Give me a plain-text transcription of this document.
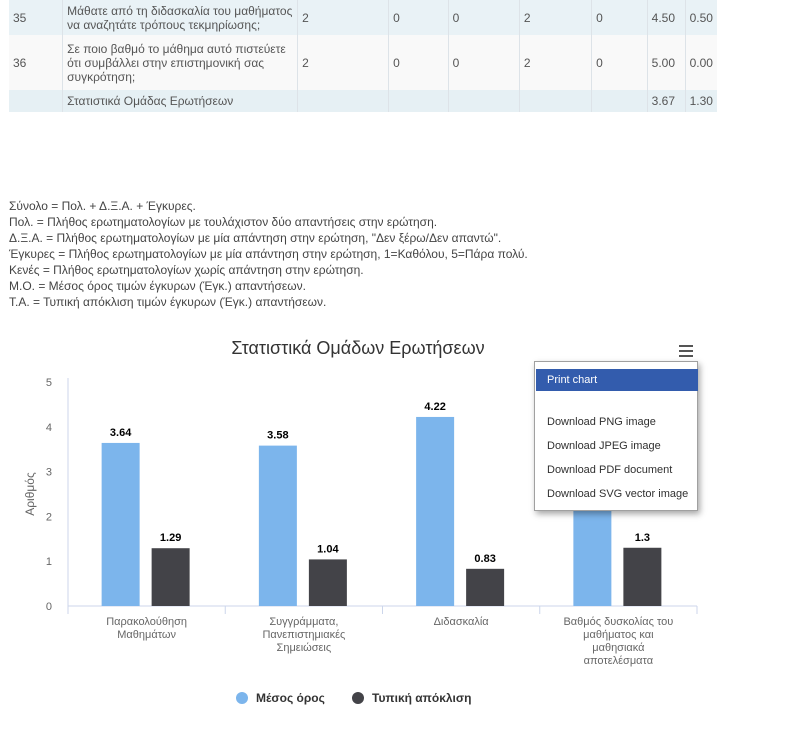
35	Μάθατε από τη διδασκαλία του μαθήματος
να αναζητάτε τρόπους τεκμηρίωσης;	2	0	0	2	0	4.50	0.50
36	Σε ποιο βαθμό το μάθημα αυτό πιστεύετε
ότι συμβάλλει στην επιστημονική σας
συγκρότηση;	2	0	0	2	0	5.00	0.00
	Στατιστικά Ομάδας Ερωτήσεων						3.67	1.30
Σύνολο = Πολ. + Δ.Ξ.Α. + Έγκυρες.
Πολ. = Πλήθος ερωτηματολογίων με τουλάχιστον δύο απαντήσεις στην ερώτηση.
Δ.Ξ.Α. = Πλήθος ερωτηματολογίων με μία απάντηση στην ερώτηση, "Δεν ξέρω/Δεν απαντώ".
Έγκυρες = Πλήθος ερωτηματολογίων με μία απάντηση στην ερώτηση, 1=Καθόλου, 5=Πάρα πολύ.
Κενές = Πλήθος ερωτηματολογίων χωρίς απάντηση στην ερώτηση.
Μ.Ο. = Μέσος όρος τιμών έγκυρων (Έγκ.) απαντήσεων.
Τ.Α. = Τυπική απόκλιση τιμών έγκυρων (Έγκ.) απαντήσεων.
Στατιστικά Ομάδων Ερωτήσεων
0
1
2
3
4
5
Αριθμός
Παρακολούθηση Μαθημάτων
3.64
1.29
Συγγράμματα, Πανεπιστημιακές Σημειώσεις
3.58
1.04
Διδασκαλία
4.22
0.83
Βαθμός δυσκολίας του μαθήματος και μαθησιακά αποτελέσματα
1.3
Μέσος όρος	Τυπική απόκλιση
Print chart
Download PNG image
Download JPEG image
Download PDF document
Download SVG vector image
